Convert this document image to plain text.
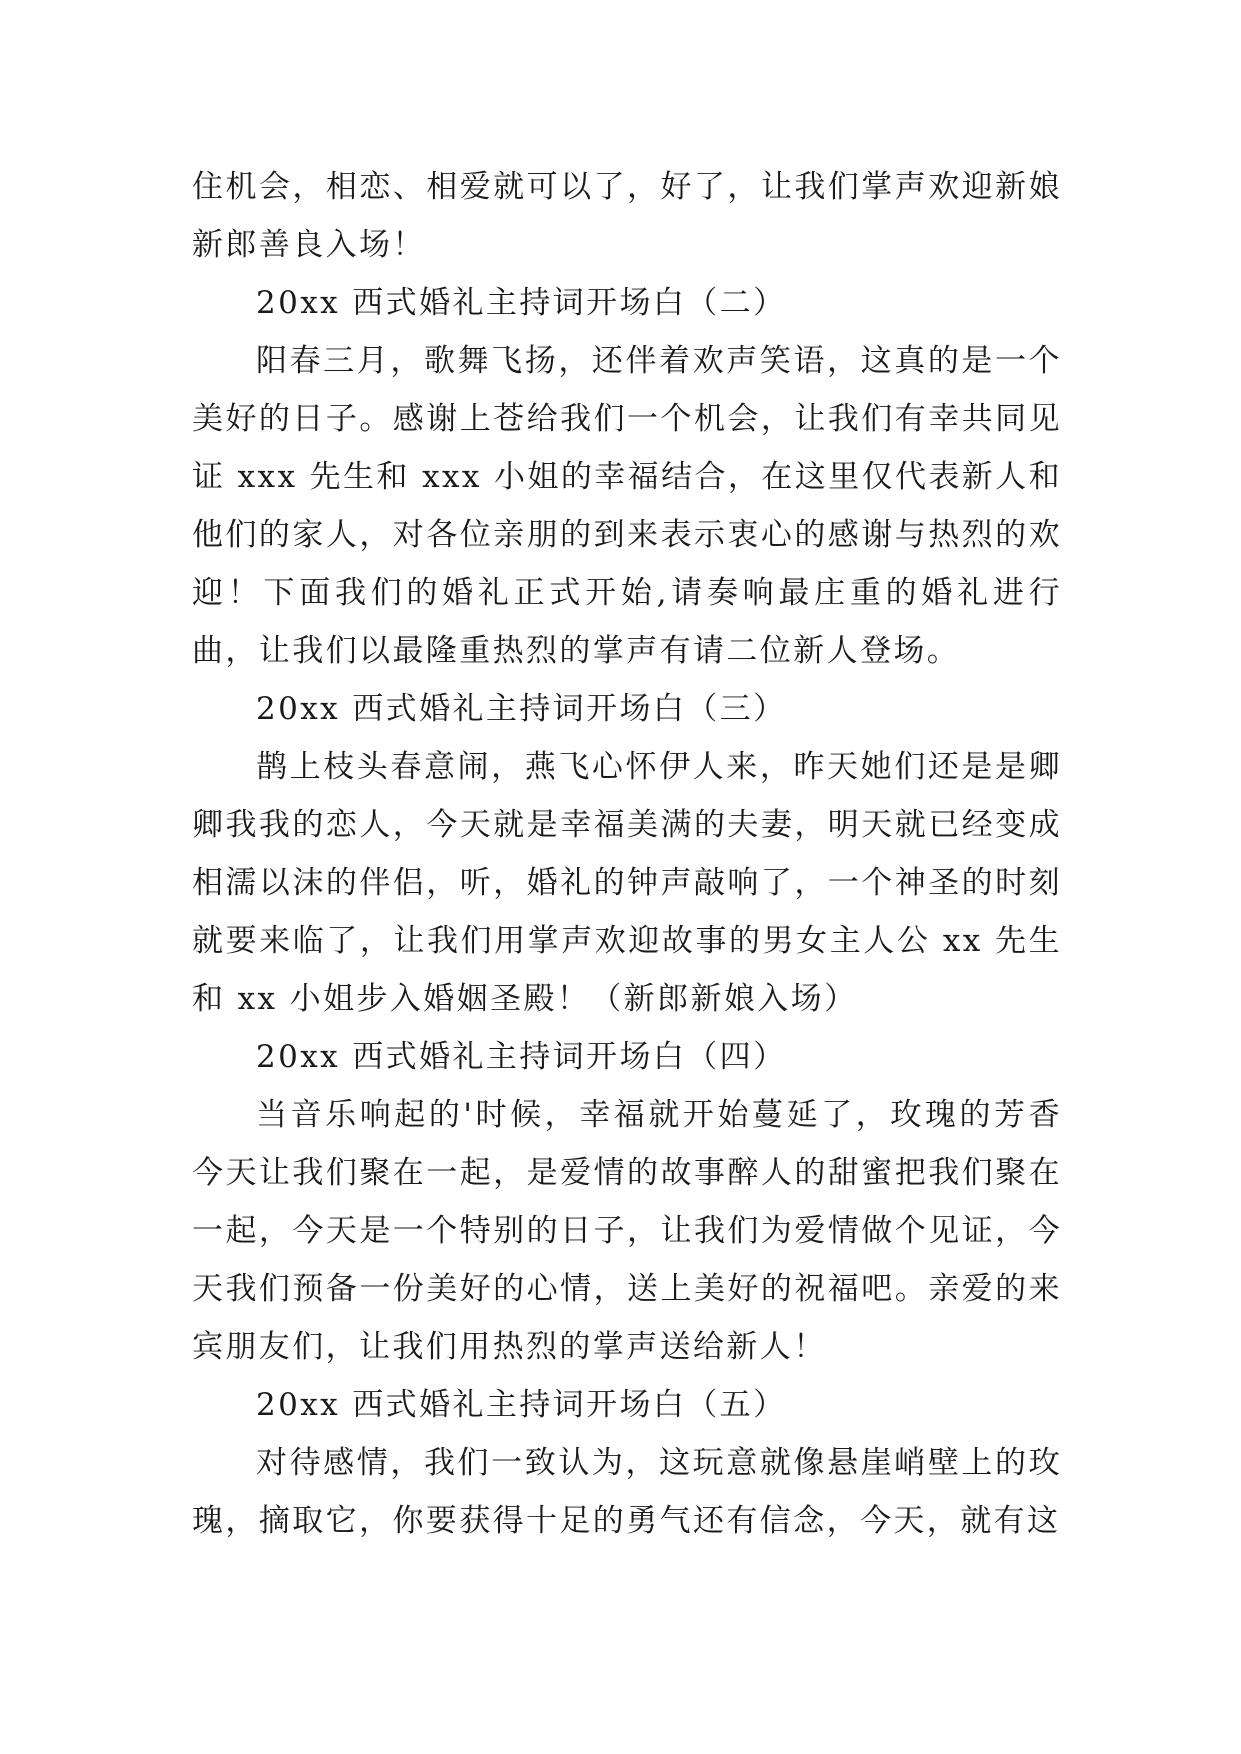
住机会，相恋、相爱就可以了，好了，让我们掌声欢迎新娘新郎善良入场！

20xx 西式婚礼主持词开场白（二）

阳春三月，歌舞飞扬，还伴着欢声笑语，这真的是一个美好的日子。感谢上苍给我们一个机会，让我们有幸共同见证 xxx 先生和 xxx 小姐的幸福结合，在这里仅代表新人和他们的家人，对各位亲朋的到来表示衷心的感谢与热烈的欢迎！下面我们的婚礼正式开始,请奏响最庄重的婚礼进行曲，让我们以最隆重热烈的掌声有请二位新人登场。

20xx 西式婚礼主持词开场白（三）

鹊上枝头春意闹，燕飞心怀伊人来，昨天她们还是是卿卿我我的恋人，今天就是幸福美满的夫妻，明天就已经变成相濡以沫的伴侣，听，婚礼的钟声敲响了，一个神圣的时刻就要来临了，让我们用掌声欢迎故事的男女主人公 xx 先生和 xx 小姐步入婚姻圣殿！（新郎新娘入场）

20xx 西式婚礼主持词开场白（四）

当音乐响起的'时候，幸福就开始蔓延了，玫瑰的芳香今天让我们聚在一起，是爱情的故事醉人的甜蜜把我们聚在一起，今天是一个特别的日子，让我们为爱情做个见证，今天我们预备一份美好的心情，送上美好的祝福吧。亲爱的来宾朋友们，让我们用热烈的掌声送给新人！

20xx 西式婚礼主持词开场白（五）

对待感情，我们一致认为，这玩意就像悬崖峭壁上的玫瑰，摘取它，你要获得十足的勇气还有信念，今天，就有这
